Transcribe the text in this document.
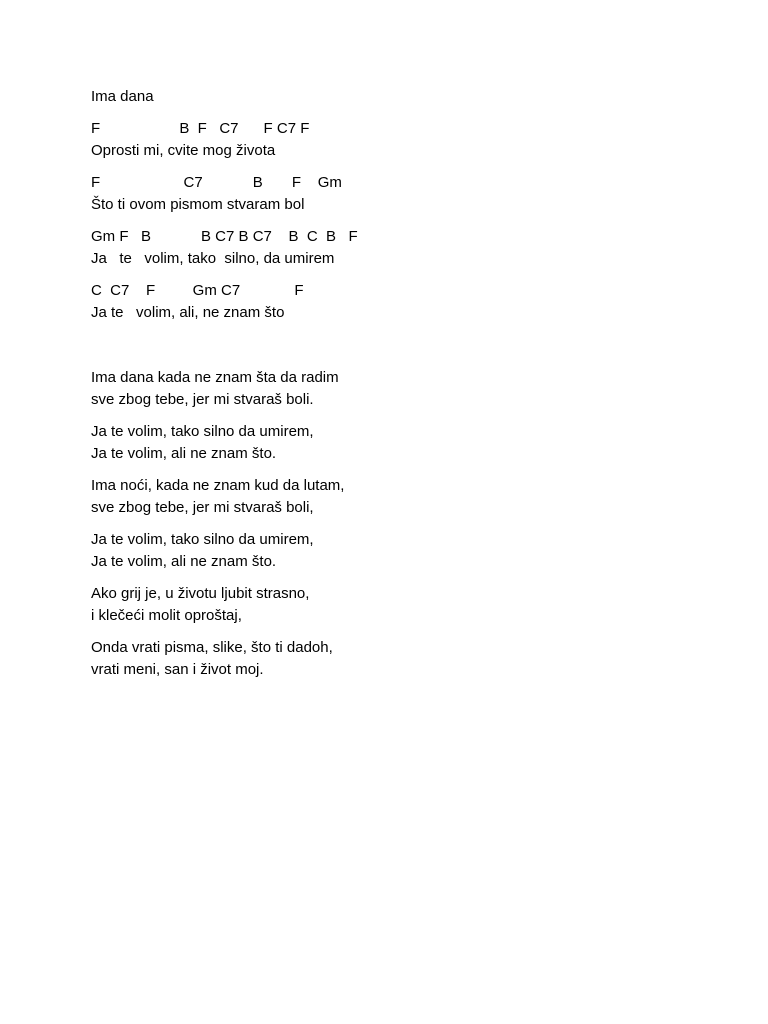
Ima dana
F                   B  F   C7      F C7 F
Oprosti mi, cvite mog života
F                    C7            B       F    Gm
Što ti ovom pismom stvaram bol
Gm F   B            B C7 B C7    B  C  B   F
Ja   te   volim, tako  silno, da umirem
C  C7    F         Gm C7             F
Ja te   volim, ali, ne znam što
Ima dana kada ne znam šta da radim
sve zbog tebe, jer mi stvaraš boli.
Ja te volim, tako silno da umirem,
Ja te volim, ali ne znam što.
Ima noći, kada ne znam kud da lutam,
sve zbog tebe, jer mi stvaraš boli,
Ja te volim, tako silno da umirem,
Ja te volim, ali ne znam što.
Ako grij je, u životu ljubit strasno,
i klečeći molit oproštaj,
Onda vrati pisma, slike, što ti dadoh,
vrati meni, san i život moj.
